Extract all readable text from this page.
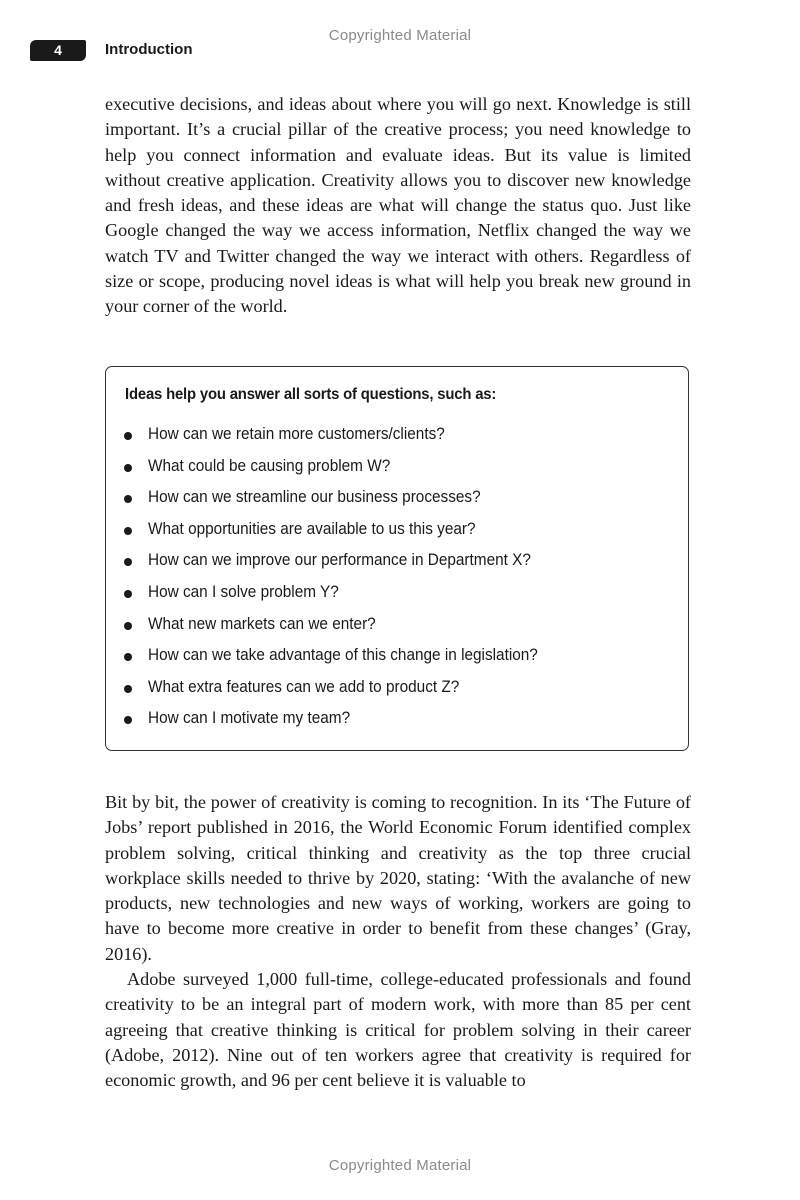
Copyrighted Material
4	Introduction

executive decisions, and ideas about where you will go next. Knowledge is still important. It’s a crucial pillar of the creative process; you need knowledge to help you connect information and evaluate ideas. But its value is limited without creative application. Creativity allows you to discover new knowledge and fresh ideas, and these ideas are what will change the status quo. Just like Google changed the way we access information, Netflix changed the way we watch TV and Twitter changed the way we interact with others. Regardless of size or scope, producing novel ideas is what will help you break new ground in your corner of the world.

Ideas help you answer all sorts of questions, such as:
How can we retain more customers/clients?
What could be causing problem W?
How can we streamline our business processes?
What opportunities are available to us this year?
How can we improve our performance in Department X?
How can I solve problem Y?
What new markets can we enter?
How can we take advantage of this change in legislation?
What extra features can we add to product Z?
How can I motivate my team?

Bit by bit, the power of creativity is coming to recognition. In its ‘The Future of Jobs’ report published in 2016, the World Economic Forum identified complex problem solving, critical thinking and creativity as the top three crucial workplace skills needed to thrive by 2020, stating: ‘With the avalanche of new products, new technologies and new ways of working, workers are going to have to become more creative in order to benefit from these changes’ (Gray, 2016).

Adobe surveyed 1,000 full-time, college-educated professionals and found creativity to be an integral part of modern work, with more than 85 per cent agreeing that creative thinking is critical for problem solving in their career (Adobe, 2012). Nine out of ten workers agree that creativity is required for economic growth, and 96 per cent believe it is valuable to

Copyrighted Material
